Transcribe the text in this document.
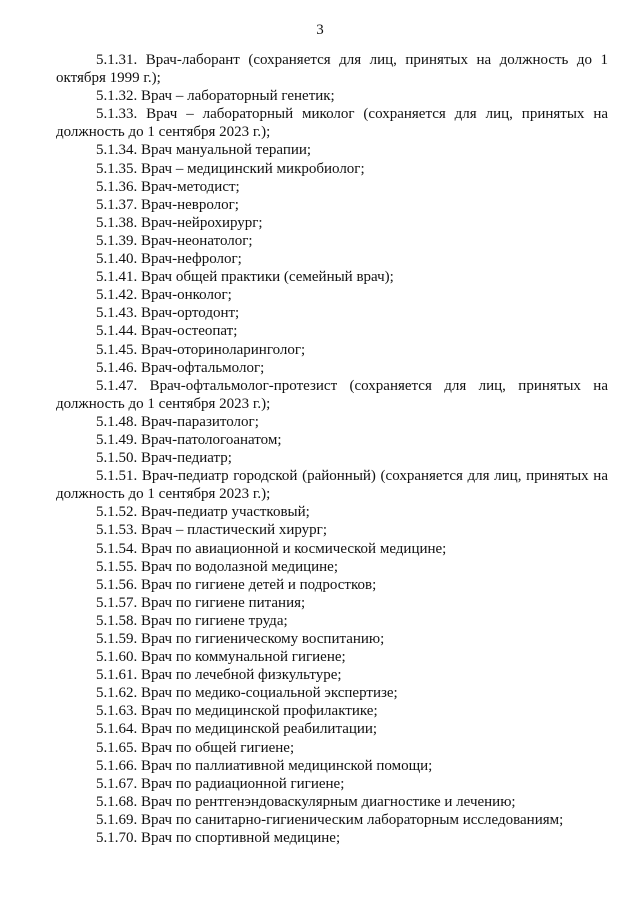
3

5.1.31. Врач-лаборант (сохраняется для лиц, принятых на должность до 1 октября 1999 г.);

5.1.32. Врач – лабораторный генетик;

5.1.33. Врач – лабораторный миколог (сохраняется для лиц, принятых на должность до 1 сентября 2023 г.);

5.1.34. Врач мануальной терапии;

5.1.35. Врач – медицинский микробиолог;

5.1.36. Врач-методист;

5.1.37. Врач-невролог;

5.1.38. Врач-нейрохирург;

5.1.39. Врач-неонатолог;

5.1.40. Врач-нефролог;

5.1.41. Врач общей практики (семейный врач);

5.1.42. Врач-онколог;

5.1.43. Врач-ортодонт;

5.1.44. Врач-остеопат;

5.1.45. Врач-оториноларинголог;

5.1.46. Врач-офтальмолог;

5.1.47. Врач-офтальмолог-протезист (сохраняется для лиц, принятых на должность до 1 сентября 2023 г.);

5.1.48. Врач-паразитолог;

5.1.49. Врач-патологоанатом;

5.1.50. Врач-педиатр;

5.1.51. Врач-педиатр городской (районный) (сохраняется для лиц, принятых на должность до 1 сентября 2023 г.);

5.1.52. Врач-педиатр участковый;

5.1.53. Врач – пластический хирург;

5.1.54. Врач по авиационной и космической медицине;

5.1.55. Врач по водолазной медицине;

5.1.56. Врач по гигиене детей и подростков;

5.1.57. Врач по гигиене питания;

5.1.58. Врач по гигиене труда;

5.1.59. Врач по гигиеническому воспитанию;

5.1.60. Врач по коммунальной гигиене;

5.1.61. Врач по лечебной физкультуре;

5.1.62. Врач по медико-социальной экспертизе;

5.1.63. Врач по медицинской профилактике;

5.1.64. Врач по медицинской реабилитации;

5.1.65. Врач по общей гигиене;

5.1.66. Врач по паллиативной медицинской помощи;

5.1.67. Врач по радиационной гигиене;

5.1.68. Врач по рентгенэндоваскулярным диагностике и лечению;

5.1.69. Врач по санитарно-гигиеническим лабораторным исследованиям;

5.1.70. Врач по спортивной медицине;
